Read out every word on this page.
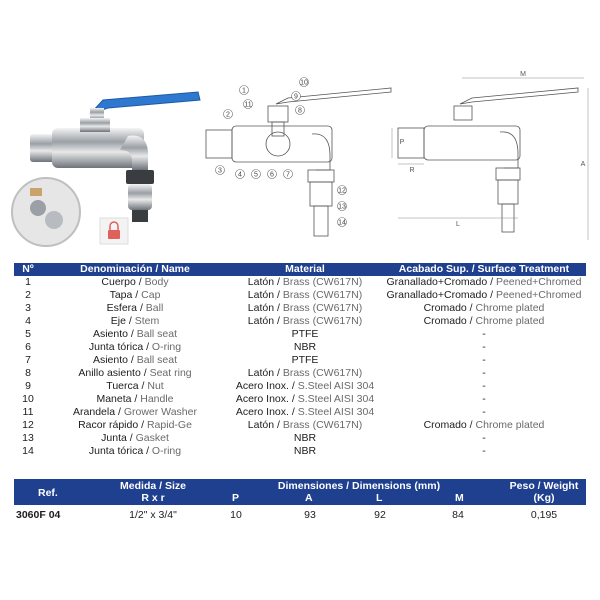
1
2
3
4 5 6 7
8
9
10
11
12
13
14
M
A
L
P
R
Nº	Denominación / Name	Material	Acabado Sup. / Surface Treatment
1	Cuerpo / Body	Latón / Brass (CW617N)	Granallado+Cromado / Peened+Chromed
2	Tapa / Cap	Latón / Brass (CW617N)	Granallado+Cromado / Peened+Chromed
3	Esfera / Ball	Latón / Brass (CW617N)	Cromado / Chrome plated
4	Eje / Stem	Latón / Brass (CW617N)	Cromado / Chrome plated
5	Asiento / Ball seat	PTFE	-
6	Junta tórica / O-ring	NBR	-
7	Asiento / Ball seat	PTFE	-
8	Anillo asiento / Seat ring	Latón / Brass (CW617N)	-
9	Tuerca / Nut	Acero Inox. / S.Steel AISI 304	-
10	Maneta / Handle	Acero Inox. / S.Steel AISI 304	-
11	Arandela / Grower Washer	Acero Inox. / S.Steel AISI 304	-
12	Racor rápido / Rapid-Ge	Latón / Brass (CW617N)	Cromado / Chrome plated
13	Junta / Gasket	NBR	-
14	Junta tórica / O-ring	NBR	-
Ref.
Medida / Size
R x r
Dimensiones / Dimensions (mm)
P	A	L	M
Peso / Weight
(Kg)
3060F 04	1/2" x 3/4"	10	93	92	84	0,195
